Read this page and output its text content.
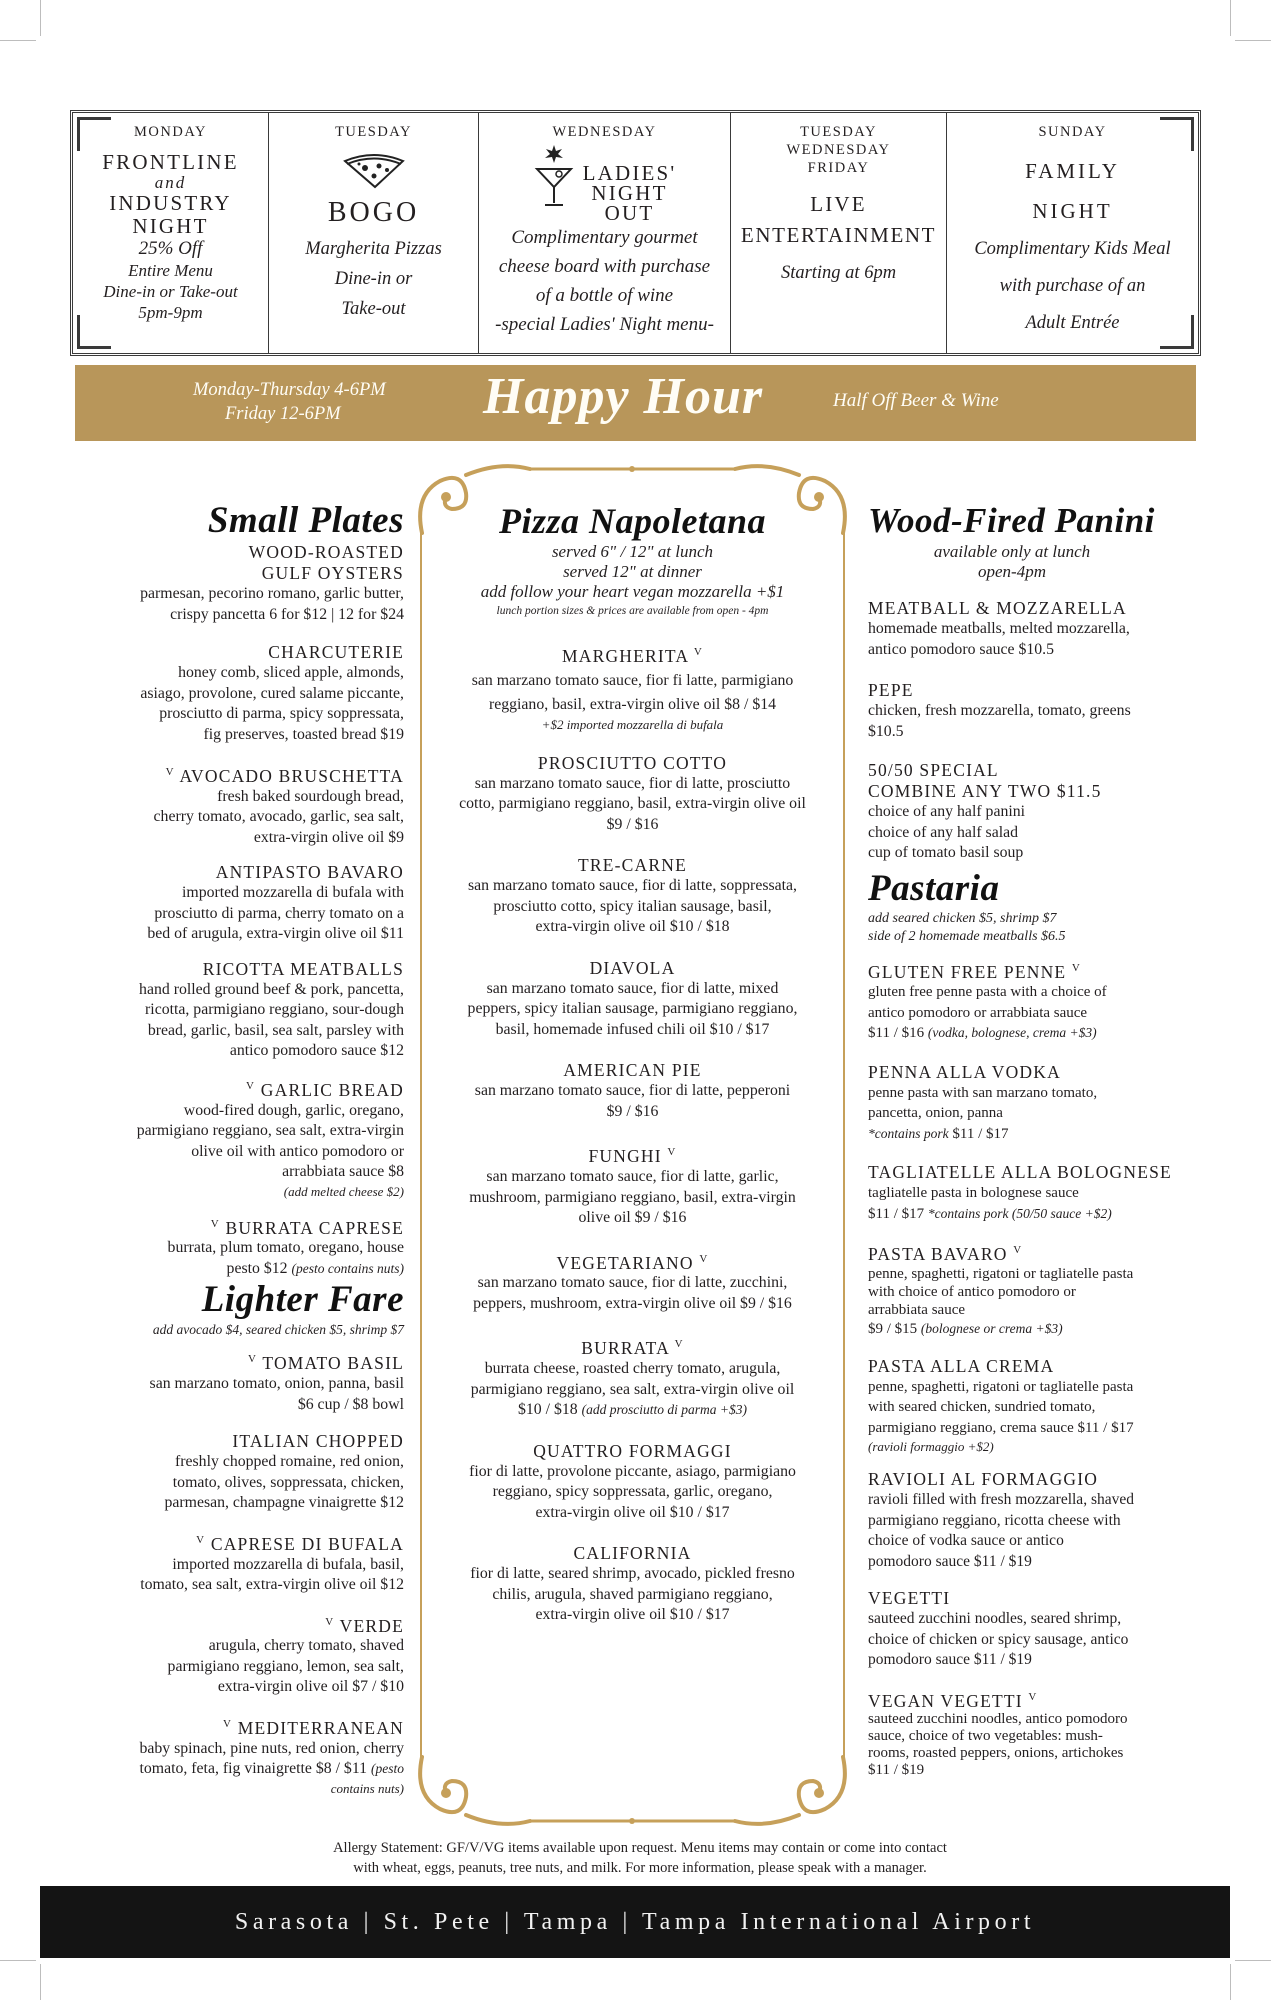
MONDAY
FRONTLINE
and
INDUSTRY
NIGHT
25% Off
Entire Menu
Dine-in or Take-out
5pm-9pm
TUESDAY
BOGO
Margherita Pizzas
Dine-in or
Take-out
WEDNESDAY
LADIES'
NIGHT
OUT
Complimentary gourmet
cheese board with purchase
of a bottle of wine
-special Ladies' Night menu-
TUESDAY
WEDNESDAY
FRIDAY
LIVE
ENTERTAINMENT
Starting at 6pm
SUNDAY
FAMILY
NIGHT
Complimentary Kids Meal
with purchase of an
Adult Entrée
Monday-Thursday 4-6PM
Friday 12-6PM	Happy Hour	Half Off Beer & Wine
Small Plates
WOOD-ROASTED
GULF OYSTERS
parmesan, pecorino romano, garlic butter,
crispy pancetta 6 for $12 | 12 for $24
CHARCUTERIE
honey comb, sliced apple, almonds,
asiago, provolone, cured salame piccante,
prosciutto di parma, spicy soppressata,
fig preserves, toasted bread $19
$^V$ AVOCADO BRUSCHETTA
fresh baked sourdough bread,
cherry tomato, avocado, garlic, sea salt,
extra-virgin olive oil $9
ANTIPASTO BAVARO
imported mozzarella di bufala with
prosciutto di parma, cherry tomato on a
bed of arugula, extra-virgin olive oil $11
RICOTTA MEATBALLS
hand rolled ground beef & pork, pancetta,
ricotta, parmigiano reggiano, sour-dough
bread, garlic, basil, sea salt, parsley with
antico pomodoro sauce $12
$^V$ GARLIC BREAD
wood-fired dough, garlic, oregano,
parmigiano reggiano, sea salt, extra-virgin
olive oil with antico pomodoro or
arrabbiata sauce $8
(add melted cheese $2)
$^V$ BURRATA CAPRESE
burrata, plum tomato, oregano, house
pesto $12 (pesto contains nuts)
Lighter Fare
add avocado $4, seared chicken $5, shrimp $7
$^V$ TOMATO BASIL
san marzano tomato, onion, panna, basil
$6 cup / $8 bowl
ITALIAN CHOPPED
freshly chopped romaine, red onion,
tomato, olives, soppressata, chicken,
parmesan, champagne vinaigrette $12
$^V$ CAPRESE DI BUFALA
imported mozzarella di bufala, basil,
tomato, sea salt, extra-virgin olive oil $12
$^V$ VERDE
arugula, cherry tomato, shaved
parmigiano reggiano, lemon, sea salt,
extra-virgin olive oil $7 / $10
$^V$ MEDITERRANEAN
baby spinach, pine nuts, red onion, cherry
tomato, feta, fig vinaigrette $8 / $11 (pesto
contains nuts)
Pizza Napoletana
served 6" / 12" at lunch
served 12" at dinner
add follow your heart vegan mozzarella +$1
lunch portion sizes & prices are available from open - 4pm
MARGHERITA $^V$
san marzano tomato sauce, fior fi latte, parmigiano
reggiano, basil, extra-virgin olive oil $8 / $14
+$2 imported mozzarella di bufala
PROSCIUTTO COTTO
san marzano tomato sauce, fior di latte, prosciutto
cotto, parmigiano reggiano, basil, extra-virgin olive oil
$9 / $16
TRE-CARNE
san marzano tomato sauce, fior di latte, soppressata,
prosciutto cotto, spicy italian sausage, basil,
extra-virgin olive oil $10 / $18
DIAVOLA
san marzano tomato sauce, fior di latte, mixed
peppers, spicy italian sausage, parmigiano reggiano,
basil, homemade infused chili oil $10 / $17
AMERICAN PIE
san marzano tomato sauce, fior di latte, pepperoni
$9 / $16
FUNGHI $^V$
san marzano tomato sauce, fior di latte, garlic,
mushroom, parmigiano reggiano, basil, extra-virgin
olive oil $9 / $16
VEGETARIANO $^V$
san marzano tomato sauce, fior di latte, zucchini,
peppers, mushroom, extra-virgin olive oil $9 / $16
BURRATA $^V$
burrata cheese, roasted cherry tomato, arugula,
parmigiano reggiano, sea salt, extra-virgin olive oil
$10 / $18 (add prosciutto di parma +$3)
QUATTRO FORMAGGI
fior di latte, provolone piccante, asiago, parmigiano
reggiano, spicy soppressata, garlic, oregano,
extra-virgin olive oil $10 / $17
CALIFORNIA
fior di latte, seared shrimp, avocado, pickled fresno
chilis, arugula, shaved parmigiano reggiano,
extra-virgin olive oil $10 / $17
Wood-Fired Panini
available only at lunch
open-4pm
MEATBALL & MOZZARELLA
homemade meatballs, melted mozzarella,
antico pomodoro sauce $10.5
PEPE
chicken, fresh mozzarella, tomato, greens
$10.5
50/50 SPECIAL
COMBINE ANY TWO $11.5
choice of any half panini
choice of any half salad
cup of tomato basil soup
Pastaria
add seared chicken $5, shrimp $7
side of 2 homemade meatballs $6.5
GLUTEN FREE PENNE $^V$
gluten free penne pasta with a choice of
antico pomodoro or arrabbiata sauce
$11 / $16 (vodka, bolognese, crema +$3)
PENNA ALLA VODKA
penne pasta with san marzano tomato,
pancetta, onion, panna
*contains pork $11 / $17
TAGLIATELLE ALLA BOLOGNESE
tagliatelle pasta in bolognese sauce
$11 / $17 *contains pork (50/50 sauce +$2)
PASTA BAVARO $^V$
penne, spaghetti, rigatoni or tagliatelle pasta
with choice of antico pomodoro or
arrabbiata sauce
$9 / $15 (bolognese or crema +$3)
PASTA ALLA CREMA
penne, spaghetti, rigatoni or tagliatelle pasta
with seared chicken, sundried tomato,
parmigiano reggiano, crema sauce $11 / $17
(ravioli formaggio +$2)
RAVIOLI AL FORMAGGIO
ravioli filled with fresh mozzarella, shaved
parmigiano reggiano, ricotta cheese with
choice of vodka sauce or antico
pomodoro sauce $11 / $19
VEGETTI
sauteed zucchini noodles, seared shrimp,
choice of chicken or spicy sausage, antico
pomodoro sauce $11 / $19
VEGAN VEGETTI $^V$
sauteed zucchini noodles, antico pomodoro
sauce, choice of two vegetables: mush-
rooms, roasted peppers, onions, artichokes
$11 / $19
Allergy Statement: GF/V/VG items available upon request. Menu items may contain or come into contact
with wheat, eggs, peanuts, tree nuts, and milk. For more information, please speak with a manager.
Sarasota | St. Pete | Tampa | Tampa International Airport
